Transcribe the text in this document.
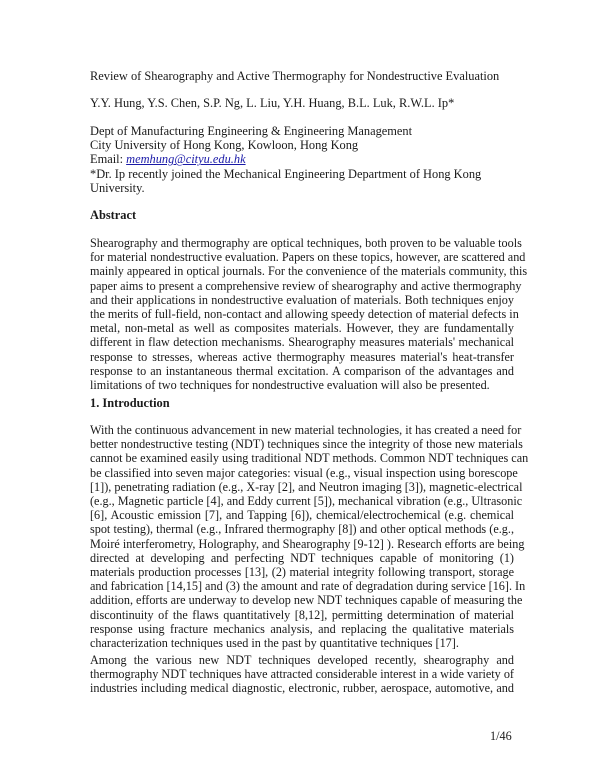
Review of Shearography and Active Thermography for Nondestructive Evaluation
Y.Y. Hung, Y.S. Chen, S.P. Ng, L. Liu, Y.H. Huang, B.L. Luk, R.W.L. Ip*
Dept of Manufacturing Engineering & Engineering Management
City University of Hong Kong, Kowloon, Hong Kong
Email: memhung@cityu.edu.hk
*Dr. Ip recently joined the Mechanical Engineering Department of Hong Kong
University.
Abstract
Shearography and thermography are optical techniques, both proven to be valuable tools
for material nondestructive evaluation. Papers on these topics, however, are scattered and
mainly appeared in optical journals. For the convenience of the materials community, this
paper aims to present a comprehensive review of shearography and active thermography
and their applications in nondestructive evaluation of materials. Both techniques enjoy
the merits of full-field, non-contact and allowing speedy detection of material defects in
metal, non-metal as well as composites materials. However, they are fundamentally
different in flaw detection mechanisms. Shearography measures materials' mechanical
response to stresses, whereas active thermography measures material's heat-transfer
response to an instantaneous thermal excitation. A comparison of the advantages and
limitations of two techniques for nondestructive evaluation will also be presented.
1. Introduction
With the continuous advancement in new material technologies, it has created a need for
better nondestructive testing (NDT) techniques since the integrity of those new materials
cannot be examined easily using traditional NDT methods. Common NDT techniques can
be classified into seven major categories: visual (e.g., visual inspection using borescope
[1]), penetrating radiation (e.g., X-ray [2], and Neutron imaging [3]), magnetic-electrical
(e.g., Magnetic particle [4], and Eddy current [5]), mechanical vibration (e.g., Ultrasonic
[6], Acoustic emission [7], and Tapping [6]), chemical/electrochemical (e.g. chemical
spot testing), thermal (e.g., Infrared thermography [8]) and other optical methods (e.g.,
Moiré interferometry, Holography, and Shearography [9-12] ). Research efforts are being
directed at developing and perfecting NDT techniques capable of monitoring (1)
materials production processes [13], (2) material integrity following transport, storage
and fabrication [14,15] and (3) the amount and rate of degradation during service [16]. In
addition, efforts are underway to develop new NDT techniques capable of measuring the
discontinuity of the flaws quantitatively [8,12], permitting determination of material
response using fracture mechanics analysis, and replacing the qualitative materials
characterization techniques used in the past by quantitative techniques [17].
Among the various new NDT techniques developed recently, shearography and
thermography NDT techniques have attracted considerable interest in a wide variety of
industries including medical diagnostic, electronic, rubber, aerospace, automotive, and
1/46
